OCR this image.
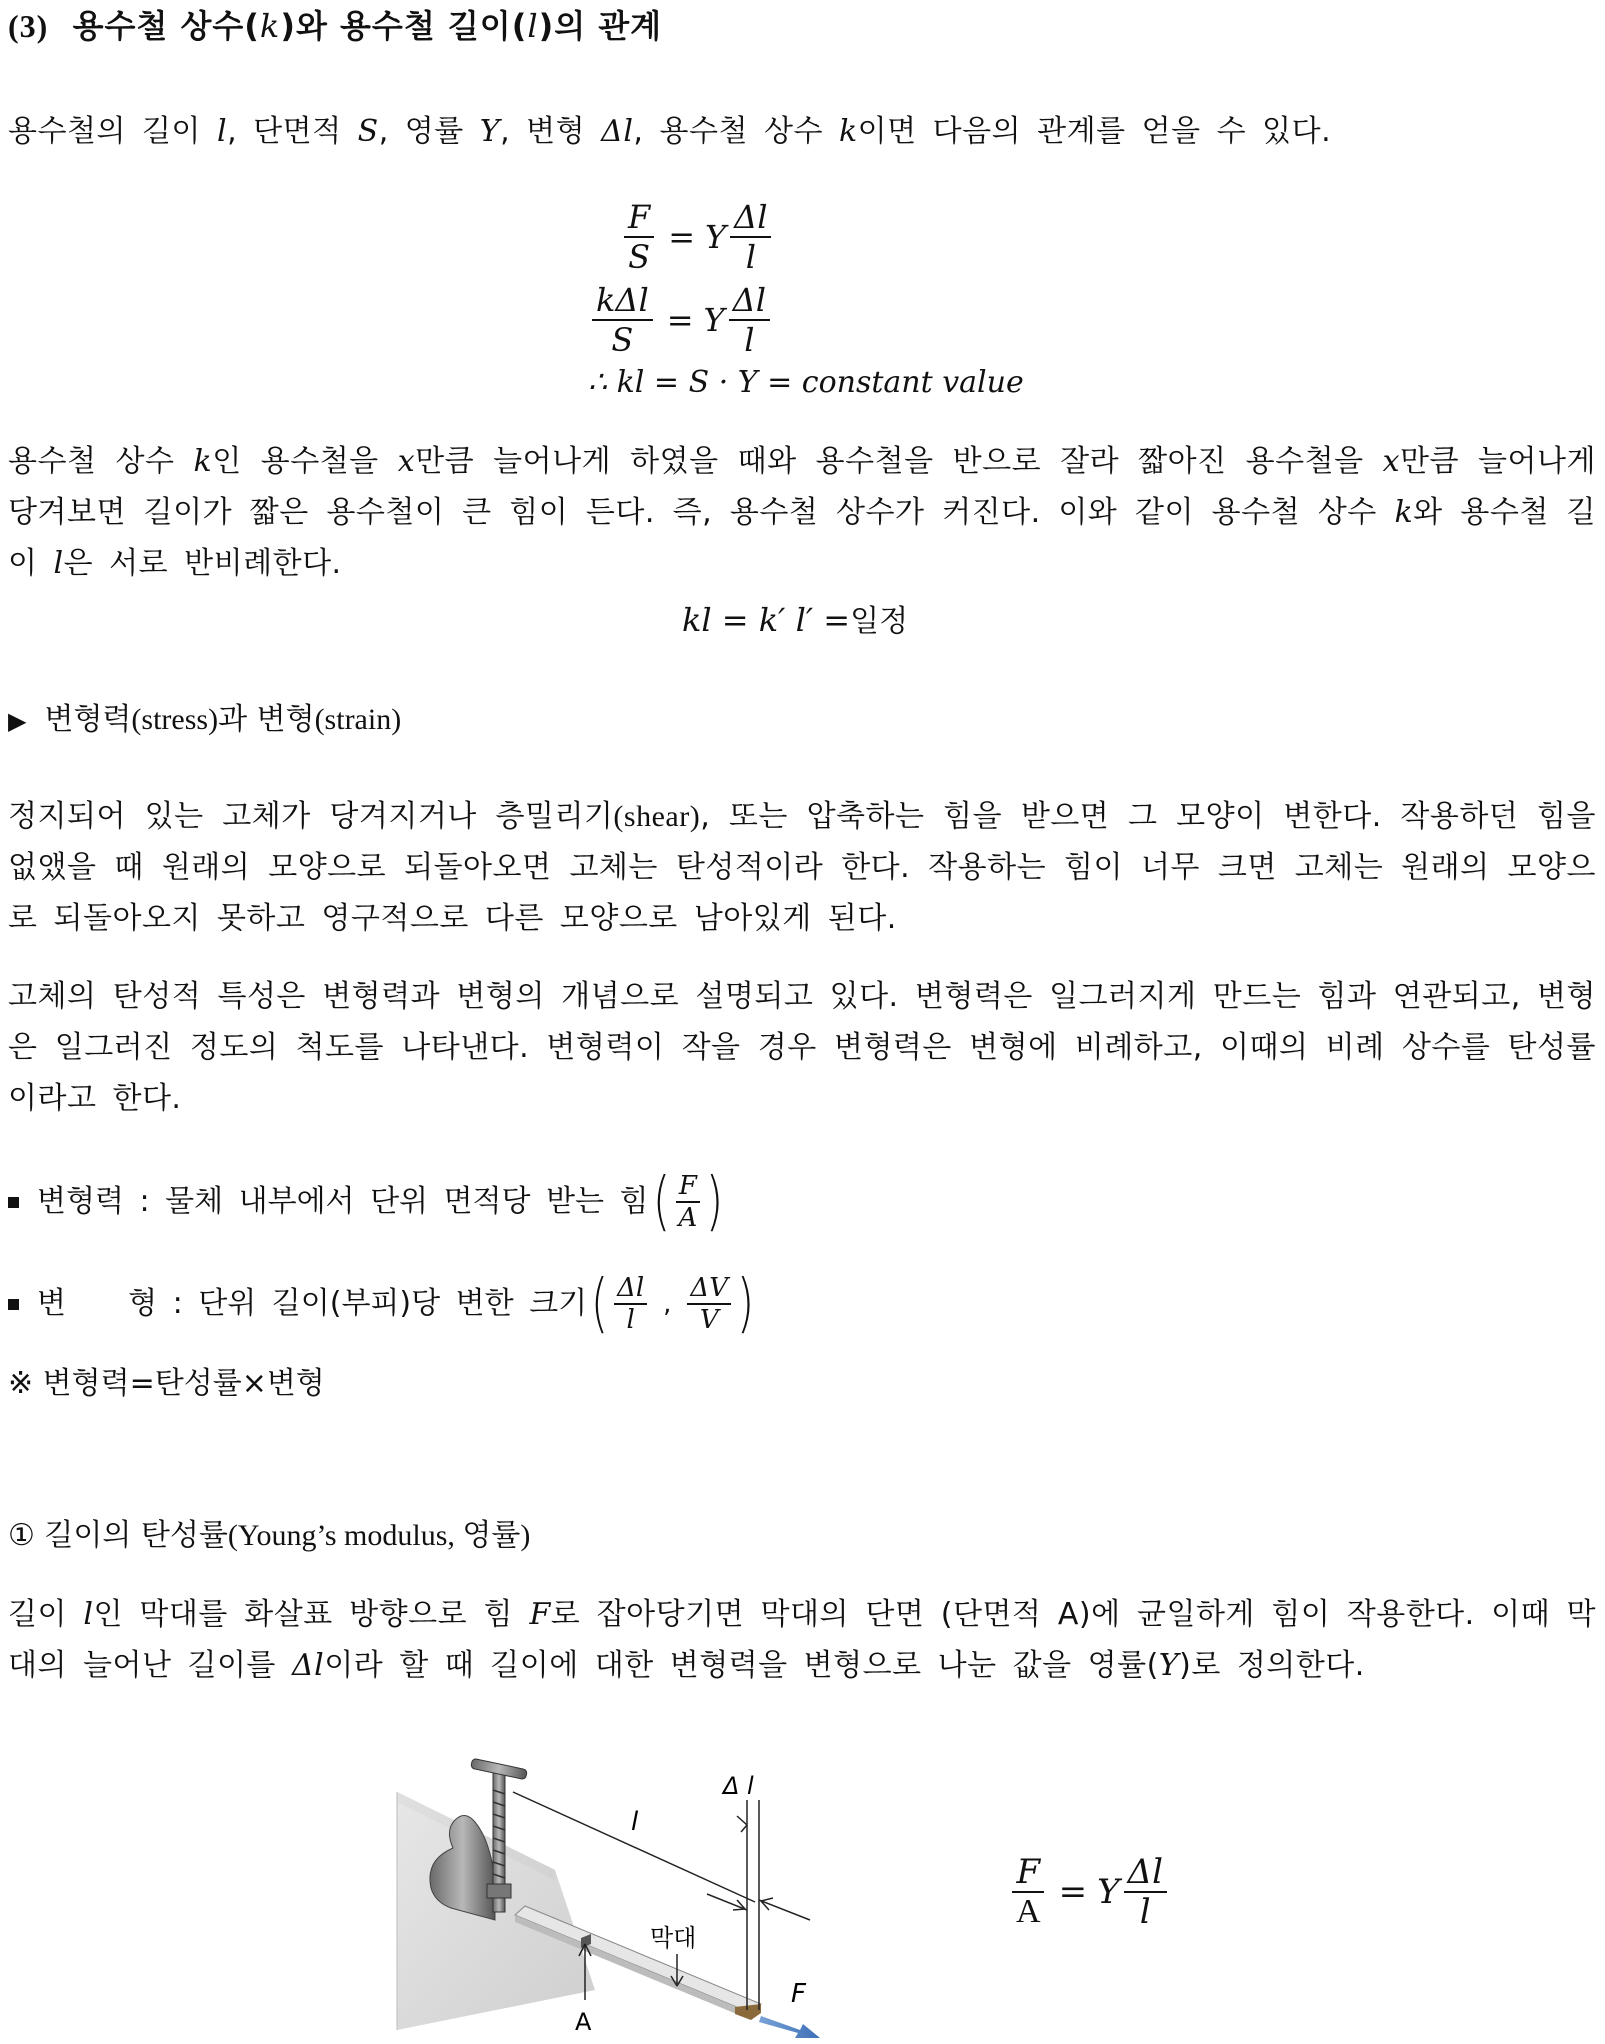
(3) 용수철 상수(k)와 용수철 길이(l)의 관계
용수철의 길이 l, 단면적 S, 영률 Y, 변형 Δl, 용수철 상수 k이면 다음의 관계를 얻을 수 있다.
$\frac{F}{S} = Y \frac{\Delta l}{l}$
$\frac{\text{kΔl}}{S} = Y \frac{\Delta l}{l}$
∴ kl = S · Y = constant value
용수철 상수 k인 용수철을 x만큼 늘어나게 하였을 때와 용수철을 반으로 잘라 짧아진 용수철을 x만큼 늘어나게 당겨보면 길이가 짧은 용수철이 큰 힘이 든다. 즉, 용수철 상수가 커진다. 이와 같이 용수철 상수 k와 용수철 길이 l은 서로 반비례한다.
kl = k′ l′ =일정
▶ 변형력(stress)과 변형(strain)
정지되어 있는 고체가 당겨지거나 층밀리기(shear), 또는 압축하는 힘을 받으면 그 모양이 변한다. 작용하던 힘을 없앴을 때 원래의 모양으로 되돌아오면 고체는 탄성적이라 한다. 작용하는 힘이 너무 크면 고체는 원래의 모양으로 되돌아오지 못하고 영구적으로 다른 모양으로 남아있게 된다.
고체의 탄성적 특성은 변형력과 변형의 개념으로 설명되고 있다. 변형력은 일그러지게 만드는 힘과 연관되고, 변형은 일그러진 정도의 척도를 나타낸다. 변형력이 작을 경우 변형력은 변형에 비례하고, 이때의 비례 상수를 탄성률이라고 한다.
변형력 : 물체 내부에서 단위 면적당 받는 힘 ( F
A )
변    형 : 단위 길이(부피)당 변한 크기 ( Δl
l
,
ΔV
V )
※ 변형력=탄성률×변형
① 길이의 탄성률(Young’s modulus, 영률)
길이 l인 막대를 화살표 방향으로 힘 F로 잡아당기면 막대의 단면 (단면적 A)에 균일하게 힘이 작용한다. 이때 막대의 늘어난 길이를 Δl이라 할 때 길이에 대한 변형력을 변형으로 나눈 값을 영률(Y)로 정의한다.
l
Δ l
막대
F
A
$\frac{F}{A} = Y \frac{\Delta l}{l}$
